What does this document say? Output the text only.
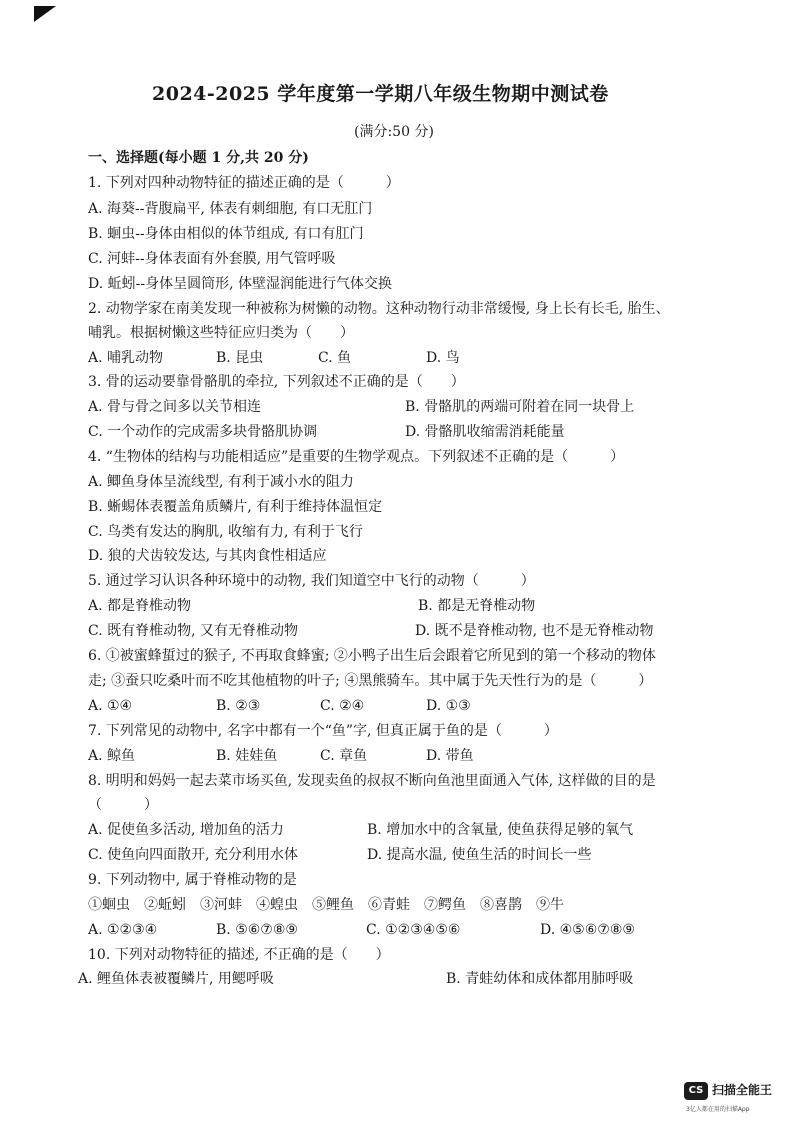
2024-2025 学年度第一学期八年级生物期中测试卷
(满分:50 分)
一、选择题(每小题 1 分,共 20 分)
1. 下列对四种动物特征的描述正确的是（　　　）
A. 海葵--背腹扁平, 体表有刺细胞, 有口无肛门
B. 蛔虫--身体由相似的体节组成, 有口有肛门
C. 河蚌--身体表面有外套膜, 用气管呼吸
D. 蚯蚓--身体呈圆筒形, 体壁湿润能进行气体交换
2. 动物学家在南美发现一种被称为树懒的动物。这种动物行动非常缓慢, 身上长有长毛, 胎生、
哺乳。根据树懒这些特征应归类为（　　）
A. 哺乳动物	B. 昆虫	C. 鱼	D. 鸟
3. 骨的运动要靠骨骼肌的牵拉, 下列叙述不正确的是（　　）
A. 骨与骨之间多以关节相连	B. 骨骼肌的两端可附着在同一块骨上
C. 一个动作的完成需多块骨骼肌协调	D. 骨骼肌收缩需消耗能量
4. “生物体的结构与功能相适应”是重要的生物学观点。下列叙述不正确的是（　　　）
A. 鲫鱼身体呈流线型, 有利于减小水的阻力
B. 蜥蜴体表覆盖角质鳞片, 有利于维持体温恒定
C. 鸟类有发达的胸肌, 收缩有力, 有利于飞行
D. 狼的犬齿较发达, 与其肉食性相适应
5. 通过学习认识各种环境中的动物, 我们知道空中飞行的动物（　　　）
A. 都是脊椎动物	B. 都是无脊椎动物
C. 既有脊椎动物, 又有无脊椎动物	D. 既不是脊椎动物, 也不是无脊椎动物
6. ①被蜜蜂蜇过的猴子, 不再取食蜂蜜; ②小鸭子出生后会跟着它所见到的第一个移动的物体
走; ③蚕只吃桑叶而不吃其他植物的叶子; ④黑熊骑车。其中属于先天性行为的是（　　　）
A. ①④	B. ②③	C. ②④	D. ①③
7. 下列常见的动物中, 名字中都有一个“鱼”字, 但真正属于鱼的是（　　　）
A. 鲸鱼	B. 娃娃鱼	C. 章鱼	D. 带鱼
8. 明明和妈妈一起去菜市场买鱼, 发现卖鱼的叔叔不断向鱼池里面通入气体, 这样做的目的是
（　　　）
A. 促使鱼多活动, 增加鱼的活力	B. 增加水中的含氧量, 使鱼获得足够的氧气
C. 使鱼向四面散开, 充分利用水体	D. 提高水温, 使鱼生活的时间长一些
9. 下列动物中, 属于脊椎动物的是
①蛔虫　②蚯蚓　③河蚌　④蝗虫　⑤鲤鱼　⑥青蛙　⑦鳄鱼　⑧喜鹊　⑨牛
A. ①②③④	B. ⑤⑥⑦⑧⑨	C. ①②③④⑤⑥	D. ④⑤⑥⑦⑧⑨
10. 下列对动物特征的描述, 不正确的是（　　）
A. 鲤鱼体表被覆鳞片, 用鳃呼吸	B. 青蛙幼体和成体都用肺呼吸
CS 扫描全能王
3亿人都在用的扫描App
